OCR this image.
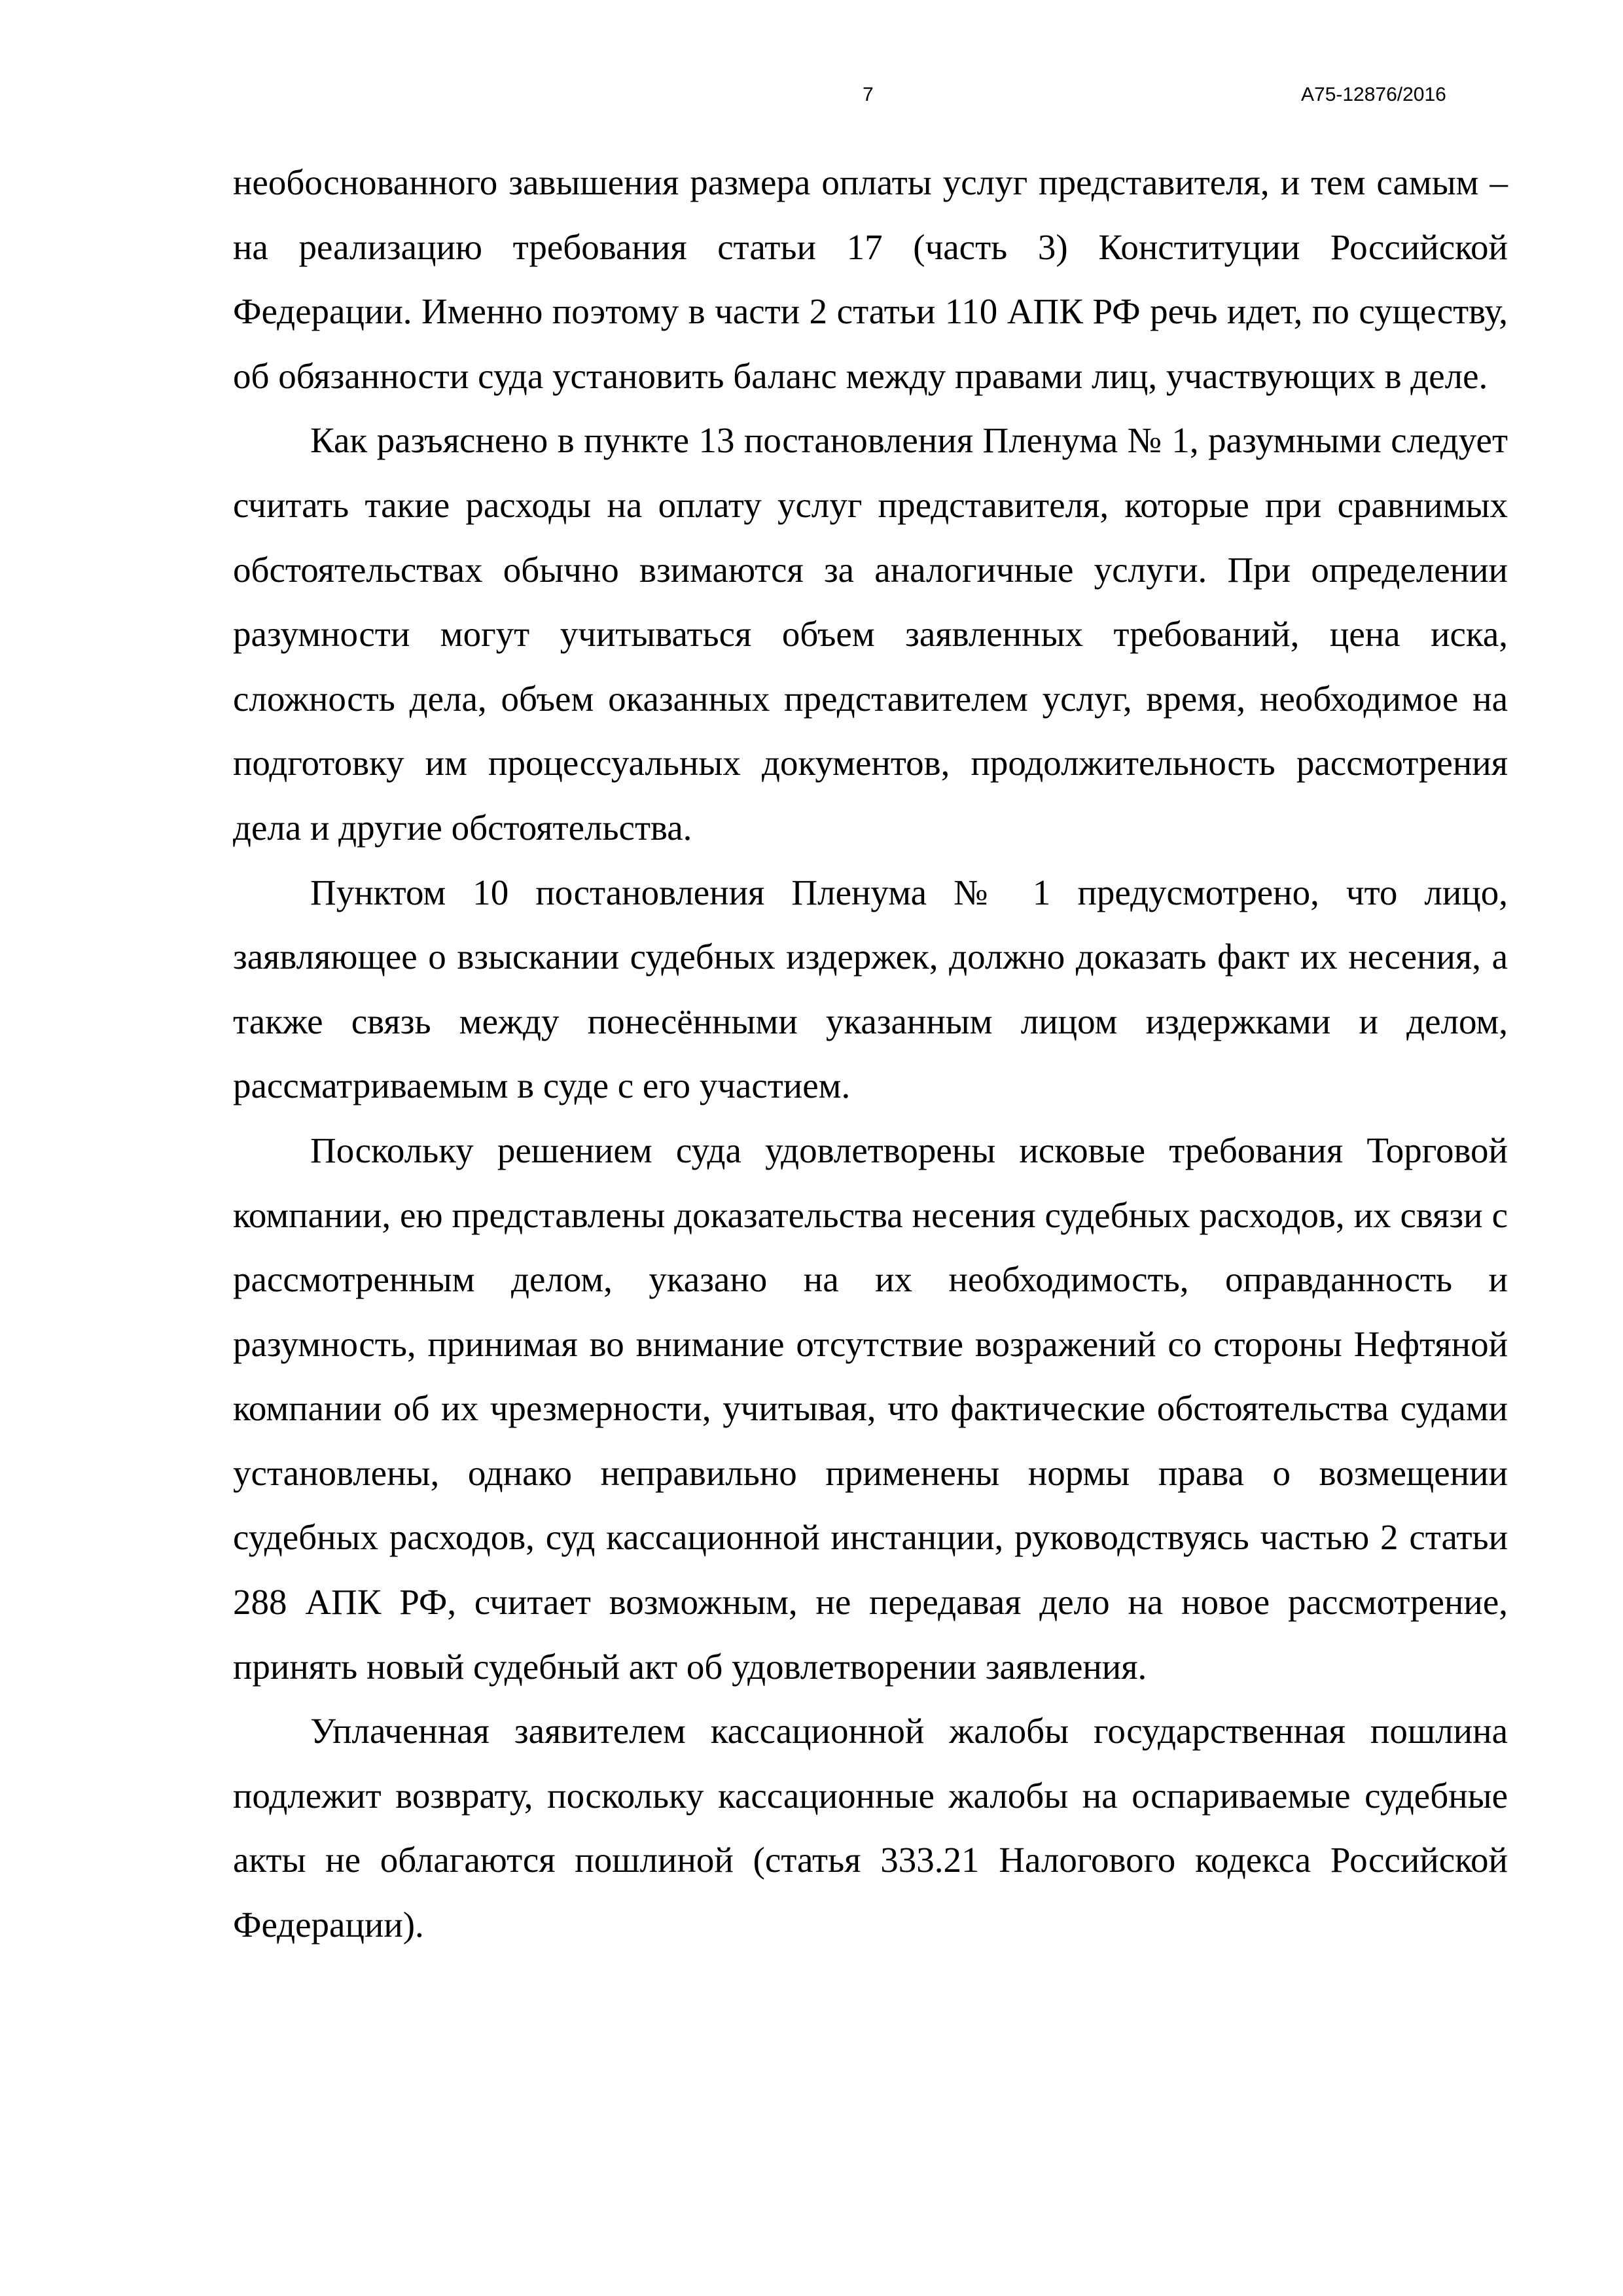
7	А75-12876/2016

необоснованного завышения размера оплаты услуг представителя, и тем самым – на реализацию требования статьи 17 (часть 3) Конституции Российской Федерации. Именно поэтому в части 2 статьи 110 АПК РФ речь идет, по существу, об обязанности суда установить баланс между правами лиц, участвующих в деле.

Как разъяснено в пункте 13 постановления Пленума № 1, разумными следует считать такие расходы на оплату услуг представителя, которые при сравнимых обстоятельствах обычно взимаются за аналогичные услуги. При определении разумности могут учитываться объем заявленных требований, цена иска, сложность дела, объем оказанных представителем услуг, время, необходимое на подготовку им процессуальных документов, продолжительность рассмотрения дела и другие обстоятельства.

Пунктом 10 постановления Пленума № 1 предусмотрено, что лицо, заявляющее о взыскании судебных издержек, должно доказать факт их несения, а также связь между понесёнными указанным лицом издержками и делом, рассматриваемым в суде с его участием.

Поскольку решением суда удовлетворены исковые требования Торговой компании, ею представлены доказательства несения судебных расходов, их связи с рассмотренным делом, указано на их необходимость, оправданность и разумность, принимая во внимание отсутствие возражений со стороны Нефтяной компании об их чрезмерности, учитывая, что фактические обстоятельства судами установлены, однако неправильно применены нормы права о возмещении судебных расходов, суд кассационной инстанции, руководствуясь частью 2 статьи 288 АПК РФ, считает возможным, не передавая дело на новое рассмотрение, принять новый судебный акт об удовлетворении заявления.

Уплаченная заявителем кассационной жалобы государственная пошлина подлежит возврату, поскольку кассационные жалобы на оспариваемые судебные акты не облагаются пошлиной (статья 333.21 Налогового кодекса Российской Федерации).
